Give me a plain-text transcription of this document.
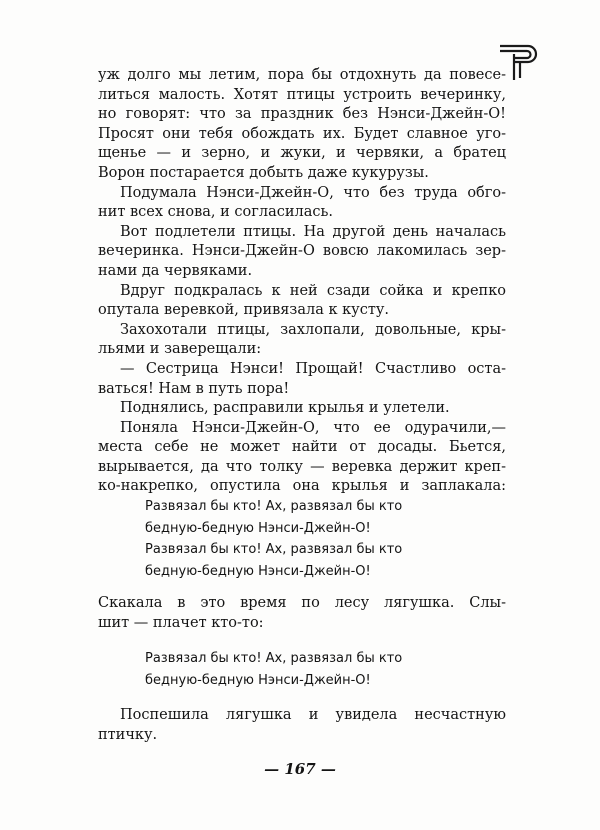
уж долго мы летим, пора бы отдохнуть да повесе-
литься малость. Хотят птицы устроить вечеринку,
но говорят: что за праздник без Нэнси-Джейн-О!
Просят они тебя обождать их. Будет славное уго-
щенье — и зерно, и жуки, и червяки, а братец
Ворон постарается добыть даже кукурузы.
Подумала Нэнси-Джейн-О, что без труда обго-
нит всех снова, и согласилась.
Вот подлетели птицы. На другой день началась
вечеринка. Нэнси-Джейн-О вовсю лакомилась зер-
нами да червяками.
Вдруг подкралась к ней сзади сойка и крепко
опутала веревкой, привязала к кусту.
Захохотали птицы, захлопали, довольные, кры-
льями и заверещали:
— Сестрица Нэнси! Прощай! Счастливо оста-
ваться! Нам в путь пора!
Поднялись, расправили крылья и улетели.
Поняла Нэнси-Джейн-О, что ее одурачили,—
места себе не может найти от досады. Бьется,
вырывается, да что толку — веревка держит креп-
ко-накрепко, опустила она крылья и заплакала:
Развязал бы кто! Ах, развязал бы кто
бедную-бедную Нэнси-Джейн-О!
Развязал бы кто! Ах, развязал бы кто
бедную-бедную Нэнси-Джейн-О!
Скакала в это время по лесу лягушка. Слы-
шит — плачет кто-то:
Развязал бы кто! Ах, развязал бы кто
бедную-бедную Нэнси-Джейн-О!
Поспешила лягушка и увидела несчастную
птичку.
— 167 —
